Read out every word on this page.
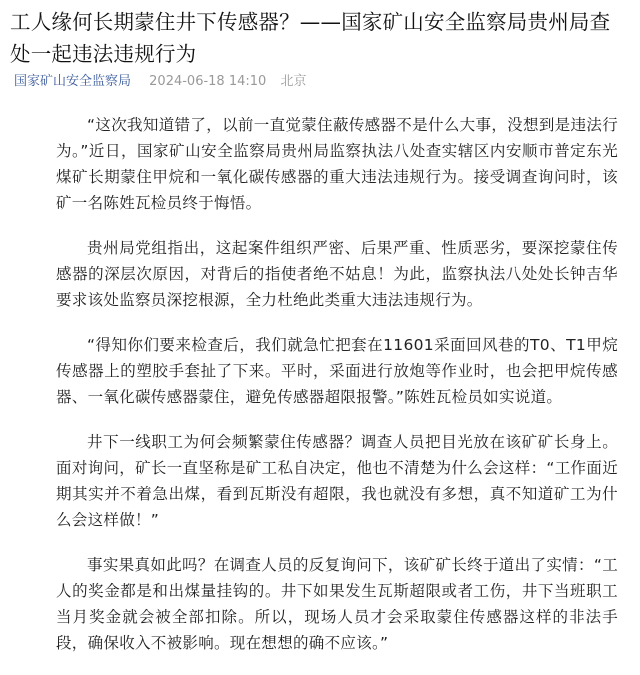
工人缘何长期蒙住井下传感器？——国家矿山安全监察局贵州局查处一起违法违规行为
国家矿山安全监察局 2024-06-18 14:10 北京

“这次我知道错了，以前一直觉蒙住蔽传感器不是什么大事，没想到是违法行为。”近日，国家矿山安全监察局贵州局监察执法八处查实辖区内安顺市普定东光煤矿长期蒙住甲烷和一氧化碳传感器的重大违法违规行为。接受调查询问时，该矿一名陈姓瓦检员终于悔悟。

贵州局党组指出，这起案件组织严密、后果严重、性质恶劣，要深挖蒙住传感器的深层次原因，对背后的指使者绝不姑息！为此，监察执法八处处长钟吉华要求该处监察员深挖根源，全力杜绝此类重大违法违规行为。

“得知你们要来检查后，我们就急忙把套在11601采面回风巷的T0、T1甲烷传感器上的塑胶手套扯了下来。平时，采面进行放炮等作业时，也会把甲烷传感器、一氧化碳传感器蒙住，避免传感器超限报警。”陈姓瓦检员如实说道。

井下一线职工为何会频繁蒙住传感器？调查人员把目光放在该矿矿长身上。面对询问，矿长一直坚称是矿工私自决定，他也不清楚为什么会这样：“工作面近期其实并不着急出煤，看到瓦斯没有超限，我也就没有多想，真不知道矿工为什么会这样做！”

事实果真如此吗？在调查人员的反复询问下，该矿矿长终于道出了实情：“工人的奖金都是和出煤量挂钩的。井下如果发生瓦斯超限或者工伤，井下当班职工当月奖金就会被全部扣除。所以，现场人员才会采取蒙住传感器这样的非法手段，确保收入不被影响。现在想想的确不应该。”
